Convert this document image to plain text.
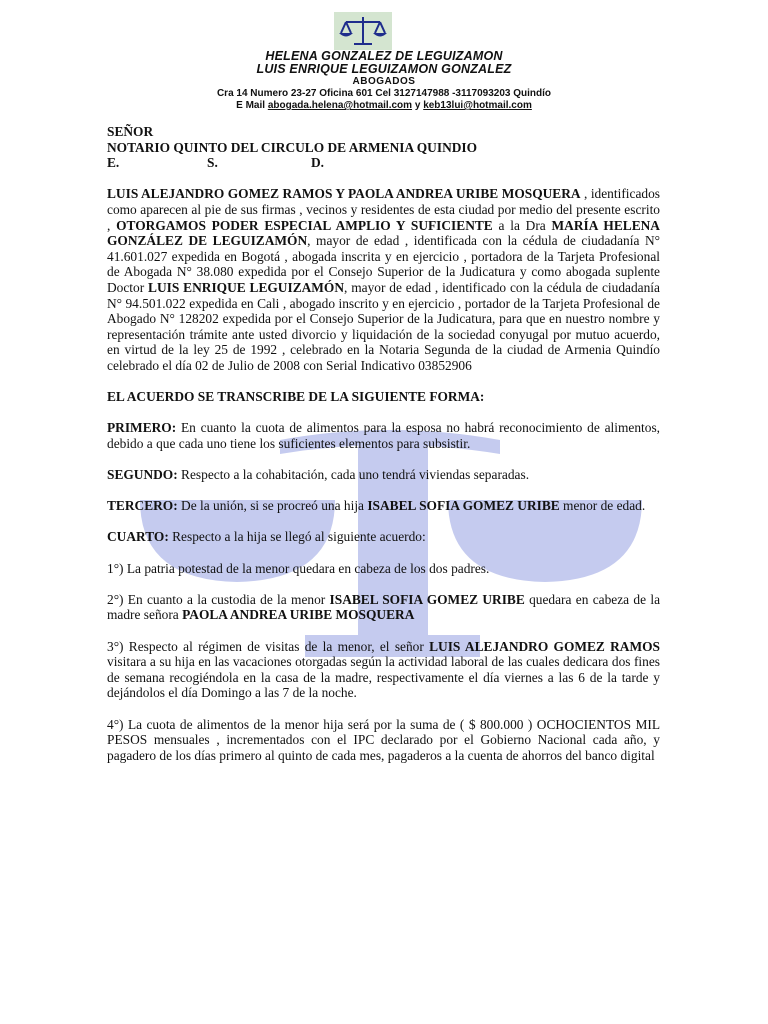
HELENA GONZALEZ DE LEGUIZAMON
LUIS ENRIQUE LEGUIZAMON GONZALEZ
ABOGADOS
Cra 14 Numero 23-27 Oficina 601 Cel 3127147988 -3117093203 Quindío
E Mail abogada.helena@hotmail.com y keb13lui@hotmail.com

SEÑOR

NOTARIO QUINTO DEL CIRCULO DE ARMENIA QUINDIO

E.	S.	D.

LUIS ALEJANDRO GOMEZ RAMOS Y PAOLA ANDREA URIBE MOSQUERA , identificados como aparecen al pie de sus firmas , vecinos y residentes de esta ciudad por medio del presente escrito , OTORGAMOS PODER ESPECIAL AMPLIO Y SUFICIENTE a la Dra MARÍA HELENA GONZÁLEZ DE LEGUIZAMÓN, mayor de edad , identificada con la cédula de ciudadanía N° 41.601.027 expedida en Bogotá , abogada inscrita y en ejercicio , portadora de la Tarjeta Profesional de Abogada N° 38.080 expedida por el Consejo Superior de la Judicatura y como abogada suplente Doctor LUIS ENRIQUE LEGUIZAMÓN, mayor de edad , identificado con la cédula de ciudadanía N° 94.501.022 expedida en Cali , abogado inscrito y en ejercicio , portador de la Tarjeta Profesional de Abogado N° 128202 expedida por el Consejo Superior de la Judicatura, para que en nuestro nombre y representación trámite ante usted divorcio y liquidación de la sociedad conyugal por mutuo acuerdo, en virtud de la ley 25 de 1992 , celebrado en la Notaria Segunda de la ciudad de Armenia Quindío celebrado el día 02 de Julio de 2008 con Serial Indicativo 03852906

EL ACUERDO SE TRANSCRIBE DE LA SIGUIENTE FORMA:

PRIMERO: En cuanto la cuota de alimentos para la esposa no habrá reconocimiento de alimentos, debido a que cada uno tiene los suficientes elementos para subsistir.

SEGUNDO: Respecto a la cohabitación, cada uno tendrá viviendas separadas.

TERCERO: De la unión, si se procreó una hija ISABEL SOFIA GOMEZ URIBE menor de edad.

CUARTO: Respecto a la hija se llegó al siguiente acuerdo:

1°) La patria potestad de la menor quedara en cabeza de los dos padres.

2°) En cuanto a la custodia de la menor ISABEL SOFIA GOMEZ URIBE quedara en cabeza de la madre señora PAOLA ANDREA URIBE MOSQUERA

3°) Respecto al régimen de visitas de la menor, el señor LUIS ALEJANDRO GOMEZ RAMOS visitara a su hija en las vacaciones otorgadas según la actividad laboral de las cuales dedicara dos fines de semana recogiéndola en la casa de la madre, respectivamente el día viernes a las 6 de la tarde y dejándolos el día Domingo a las 7 de la noche.

4°) La cuota de alimentos de la menor hija será por la suma de ( $ 800.000 ) OCHOCIENTOS MIL PESOS mensuales , incrementados con el IPC declarado por el Gobierno Nacional cada año, y pagadero de los días primero al quinto de cada mes, pagaderos a la cuenta de ahorros del banco digital
